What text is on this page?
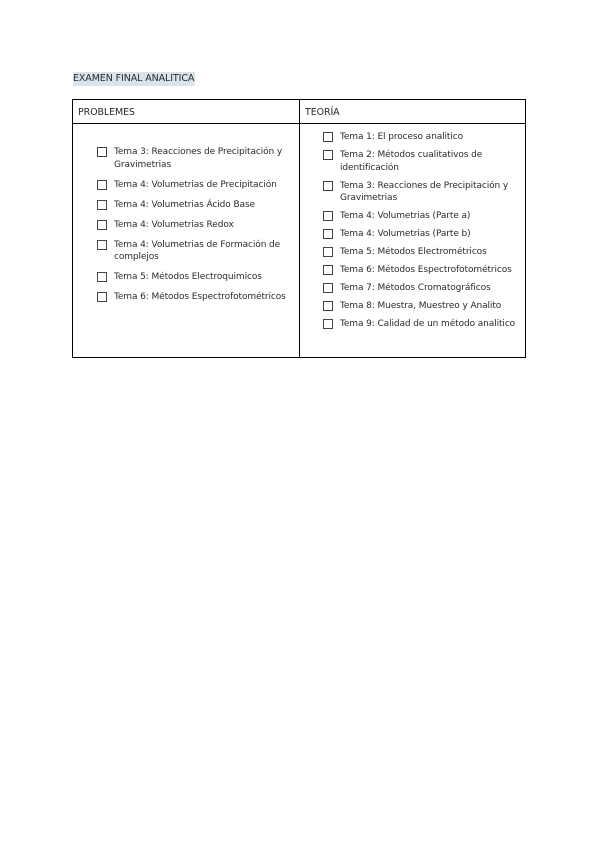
EXAMEN FINAL ANALITICA
PROBLEMES	TEORÍA
Tema 3: Reacciones de Precipitación y Gravimetrias
Tema 4: Volumetrias de Precipitación
Tema 4: Volumetrias Ácido Base
Tema 4: Volumetrias Redox
Tema 4: Volumetrias de Formación de complejos
Tema 5: Métodos Electroquimicos
Tema 6: Métodos Espectrofotométricos
Tema 1: El proceso analitico
Tema 2: Métodos cualitativos de identificación
Tema 3: Reacciones de Precipitación y Gravimetrias
Tema 4: Volumetrias (Parte a)
Tema 4: Volumetrias (Parte b)
Tema 5: Métodos Electrométricos
Tema 6: Métodos Espectrofotométricos
Tema 7: Métodos Cromatográficos
Tema 8: Muestra, Muestreo y Analito
Tema 9: Calidad de un método analitico
